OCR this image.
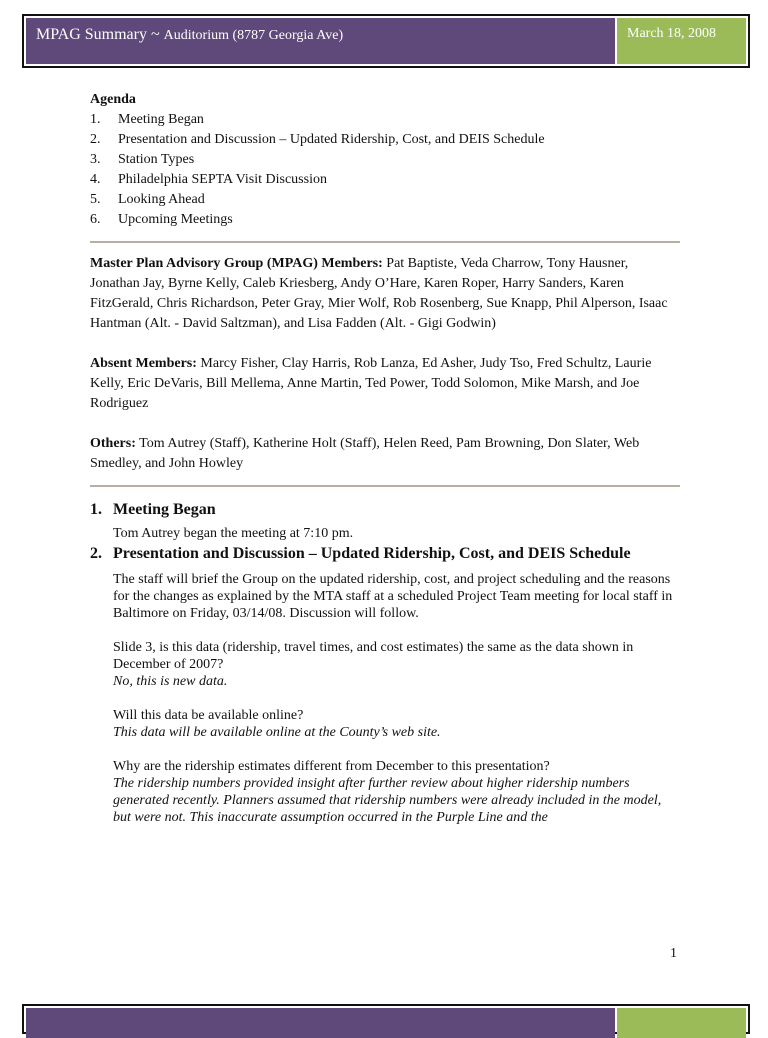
MPAG Summary ~ Auditorium (8787 Georgia Ave)	March 18, 2008
Agenda
1.	Meeting Began
2.	Presentation and Discussion – Updated Ridership, Cost, and DEIS Schedule
3.	Station Types
4.	Philadelphia SEPTA Visit Discussion
5.	Looking Ahead
6.	Upcoming Meetings

Master Plan Advisory Group (MPAG) Members: Pat Baptiste, Veda Charrow, Tony Hausner, Jonathan Jay, Byrne Kelly, Caleb Kriesberg, Andy O’Hare, Karen Roper, Harry Sanders, Karen FitzGerald, Chris Richardson, Peter Gray, Mier Wolf, Rob Rosenberg, Sue Knapp, Phil Alperson, Isaac Hantman (Alt. - David Saltzman), and Lisa Fadden (Alt. - Gigi Godwin)

Absent Members: Marcy Fisher, Clay Harris, Rob Lanza, Ed Asher, Judy Tso, Fred Schultz, Laurie Kelly, Eric DeVaris, Bill Mellema, Anne Martin, Ted Power, Todd Solomon, Mike Marsh, and Joe Rodriguez

Others: Tom Autrey (Staff), Katherine Holt (Staff), Helen Reed, Pam Browning, Don Slater, Web Smedley, and John Howley

1. Meeting Began

Tom Autrey began the meeting at 7:10 pm.

2. Presentation and Discussion – Updated Ridership, Cost, and DEIS Schedule

The staff will brief the Group on the updated ridership, cost, and project scheduling and the reasons for the changes as explained by the MTA staff at a scheduled Project Team meeting for local staff in Baltimore on Friday, 03/14/08. Discussion will follow.

Slide 3, is this data (ridership, travel times, and cost estimates) the same as the data shown in December of 2007?

No, this is new data.

Will this data be available online?

This data will be available online at the County’s web site.

Why are the ridership estimates different from December to this presentation?

The ridership numbers provided insight after further review about higher ridership numbers generated recently. Planners assumed that ridership numbers were already included in the model, but were not. This inaccurate assumption occurred in the Purple Line and the

1
